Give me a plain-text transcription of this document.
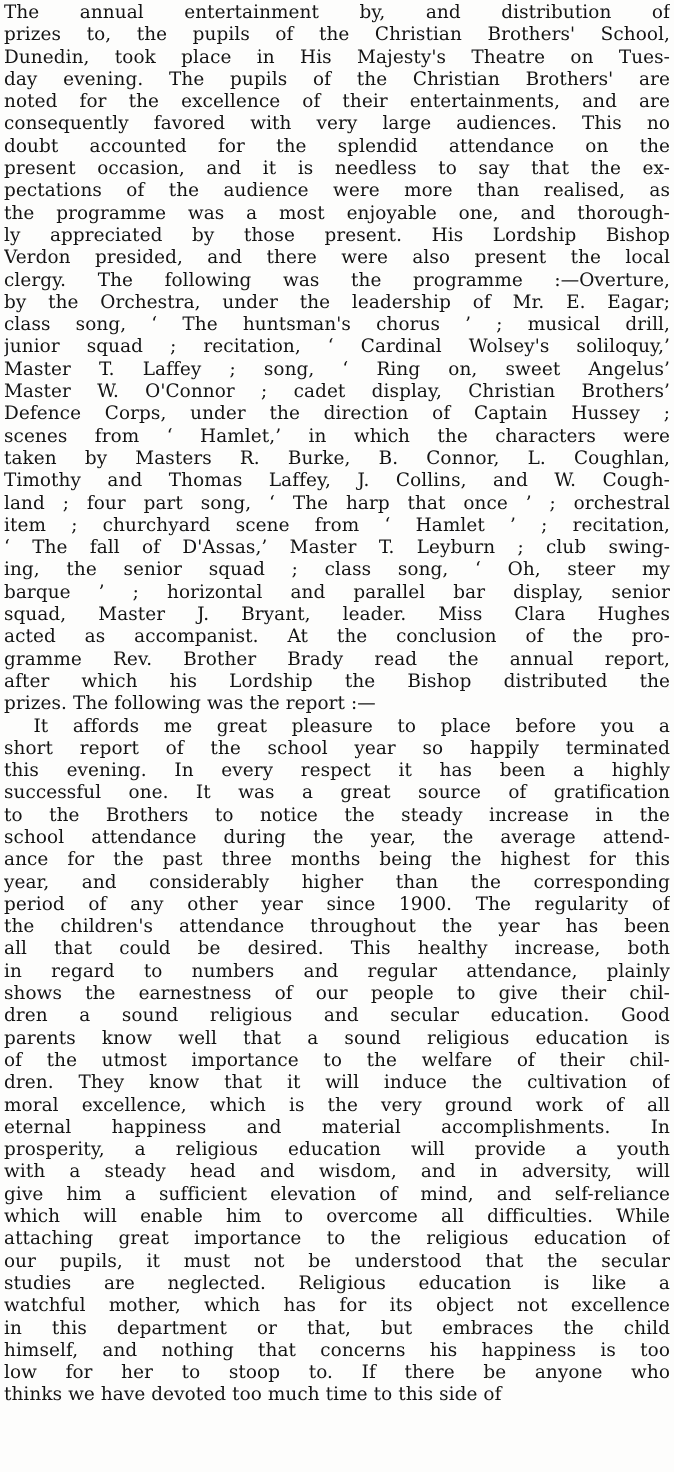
The annual entertainment by, and distribution of
prizes to, the pupils of the Christian Brothers' School,
Dunedin, took place in His Majesty's Theatre on Tues-
day evening. The pupils of the Christian Brothers' are
noted for the excellence of their entertainments, and are
consequently favored with very large audiences. This no
doubt accounted for the splendid attendance on the
present occasion, and it is needless to say that the ex-
pectations of the audience were more than realised, as
the programme was a most enjoyable one, and thorough-
ly appreciated by those present. His Lordship Bishop
Verdon presided, and there were also present the local
clergy. The following was the programme :—Overture,
by the Orchestra, under the leadership of Mr. E. Eagar;
class song, ‘ The huntsman's chorus ’ ; musical drill,
junior squad ; recitation, ‘ Cardinal Wolsey's soliloquy,’
Master T. Laffey ; song, ‘ Ring on, sweet Angelus’
Master W. O'Connor ; cadet display, Christian Brothers’
Defence Corps, under the direction of Captain Hussey ;
scenes from ‘ Hamlet,’ in which the characters were
taken by Masters R. Burke, B. Connor, L. Coughlan,
Timothy and Thomas Laffey, J. Collins, and W. Cough-
land ; four part song, ‘ The harp that once ’ ; orchestral
item ; churchyard scene from ‘ Hamlet ’ ; recitation,
‘ The fall of D'Assas,’ Master T. Leyburn ; club swing-
ing, the senior squad ; class song, ‘ Oh, steer my
barque ’ ; horizontal and parallel bar display, senior
squad, Master J. Bryant, leader. Miss Clara Hughes
acted as accompanist. At the conclusion of the pro-
gramme Rev. Brother Brady read the annual report,
after which his Lordship the Bishop distributed the
prizes. The following was the report :—
It affords me great pleasure to place before you a
short report of the school year so happily terminated
this evening. In every respect it has been a highly
successful one. It was a great source of gratification
to the Brothers to notice the steady increase in the
school attendance during the year, the average attend-
ance for the past three months being the highest for this
year, and considerably higher than the corresponding
period of any other year since 1900. The regularity of
the children's attendance throughout the year has been
all that could be desired. This healthy increase, both
in regard to numbers and regular attendance, plainly
shows the earnestness of our people to give their chil-
dren a sound religious and secular education. Good
parents know well that a sound religious education is
of the utmost importance to the welfare of their chil-
dren. They know that it will induce the cultivation of
moral excellence, which is the very ground work of all
eternal happiness and material accomplishments. In
prosperity, a religious education will provide a youth
with a steady head and wisdom, and in adversity, will
give him a sufficient elevation of mind, and self-reliance
which will enable him to overcome all difficulties. While
attaching great importance to the religious education of
our pupils, it must not be understood that the secular
studies are neglected. Religious education is like a
watchful mother, which has for its object not excellence
in this department or that, but embraces the child
himself, and nothing that concerns his happiness is too
low for her to stoop to. If there be anyone who
thinks we have devoted too much time to this side of
